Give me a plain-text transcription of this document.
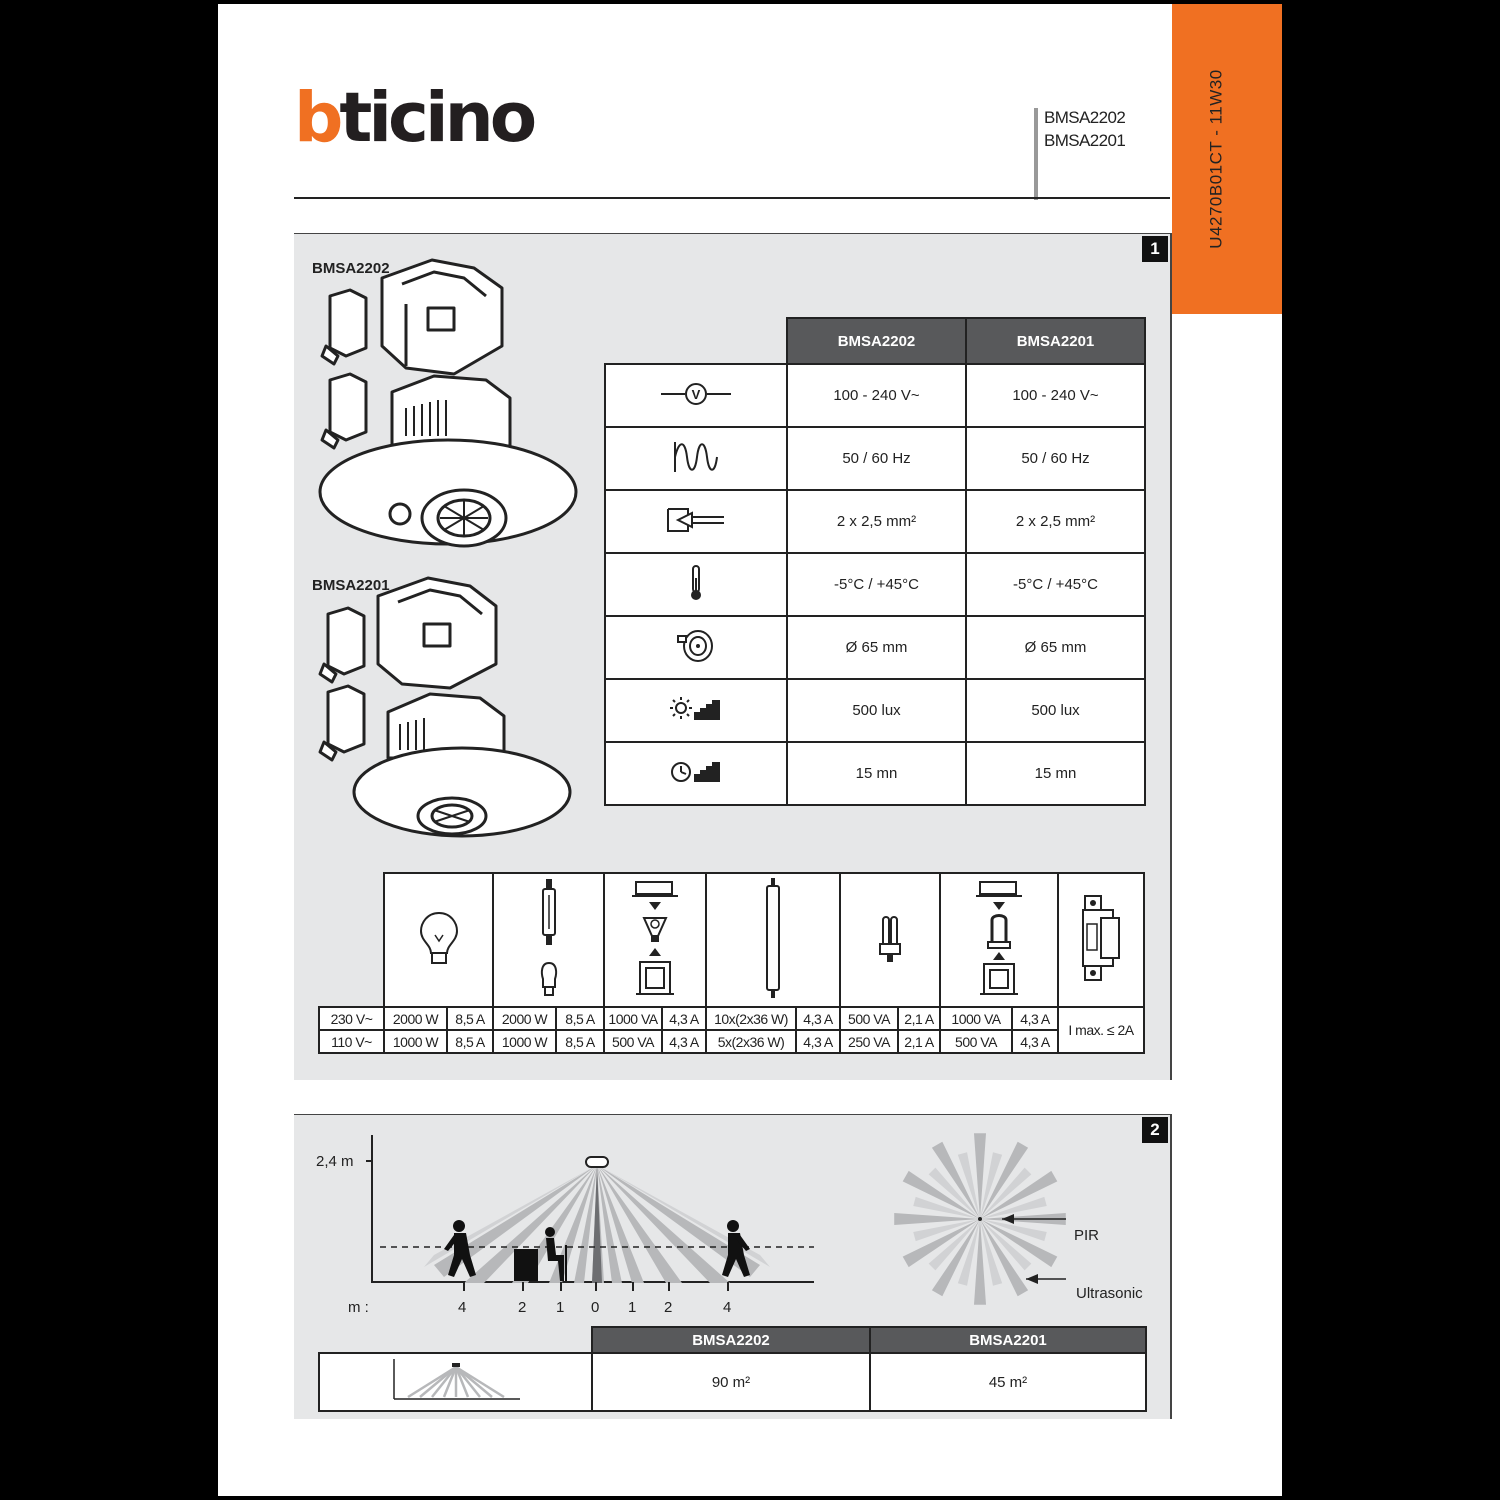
U4270B01CT - 11W30
bticino	BMSA2202
BMSA2201
1
BMSA2202
BMSA2201
	BMSA2202	BMSA2201

V	100 - 240 V~	100 - 240 V~
	50 / 60 Hz	50 / 60 Hz
	2 x 2,5 mm²	2 x 2,5 mm²
	-5°C / +45°C	-5°C / +45°C
	Ø 65 mm	Ø 65 mm
	500 lux	500 lux
	15 mn	15 mn

230 V~	2000 W	8,5 A	2000 W	8,5 A	1000 VA	4,3 A	10x(2x36 W)	4,3 A	500 VA	2,1 A	1000 VA	4,3 A	I max. ≤ 2A
110 V~	1000 W	8,5 A	1000 W	8,5 A	500 VA	4,3 A	5x(2x36 W)	4,3 A	250 VA	2,1 A	500 VA	4,3 A	
2
2,4 m
m :	4	2 1 0 1 2	4
PIR
Ultrasonic
	BMSA2202	BMSA2201
	90 m²	45 m²
